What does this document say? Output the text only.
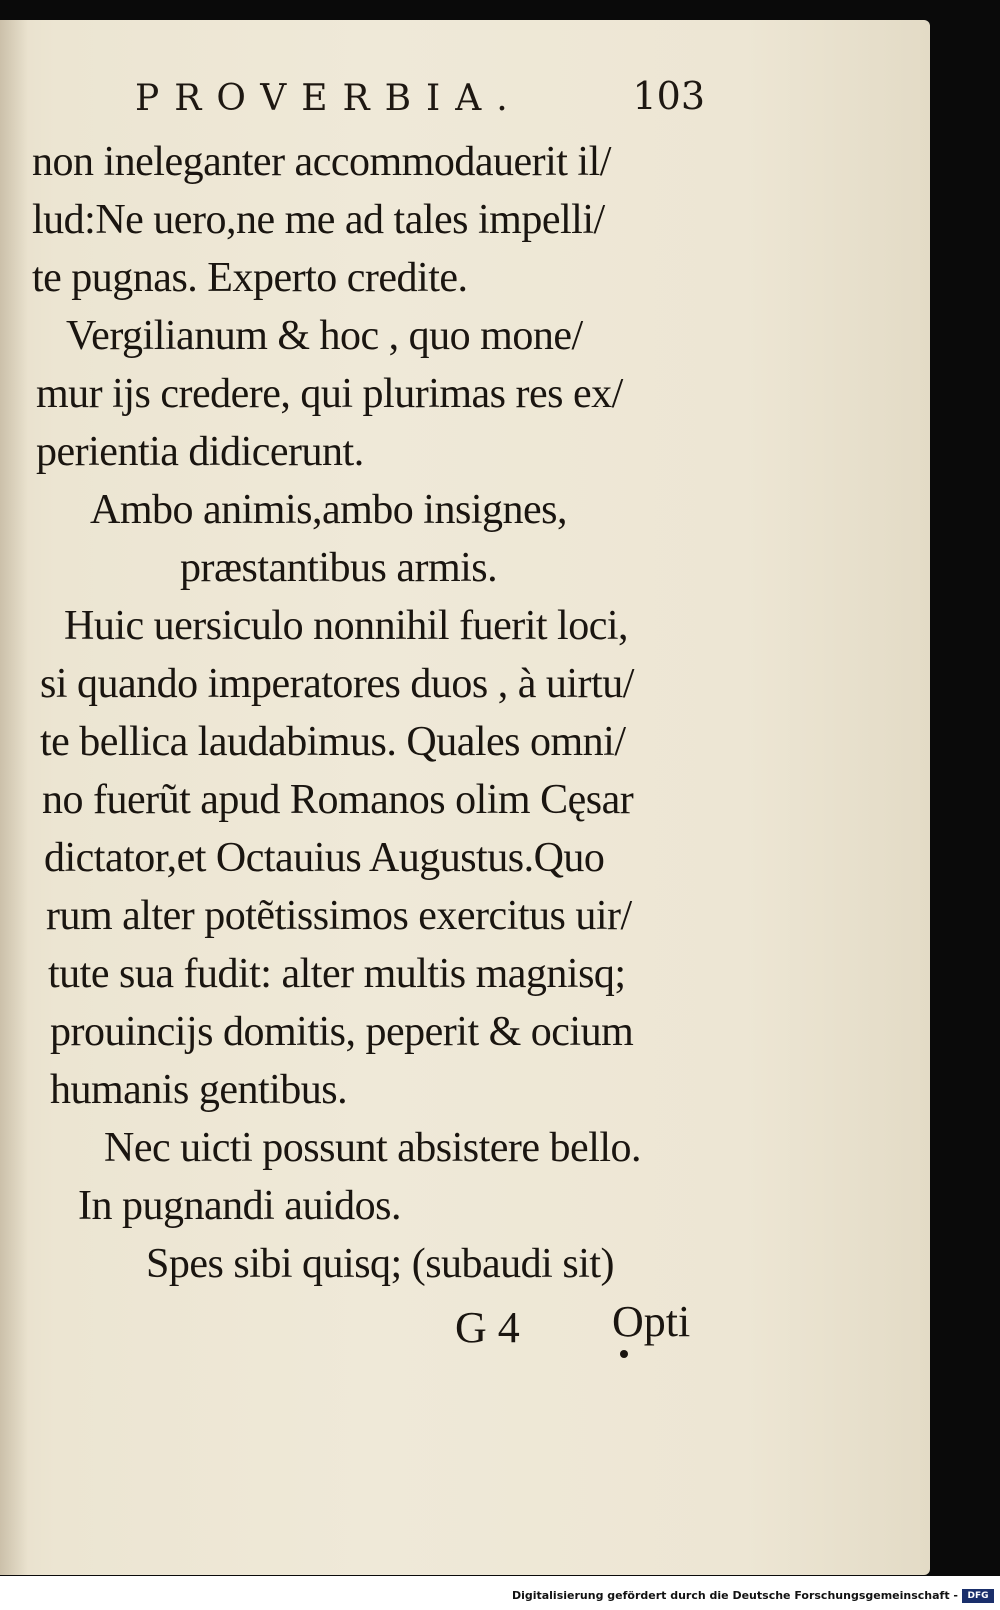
PROVERBIA.	103
non ineleganter accommodauerit il/
lud:Ne uero,ne me ad tales impelli/
te pugnas. Experto credite.
Vergilianum & hoc , quo mone/
mur ijs credere, qui plurimas res ex/
perientia didicerunt.
Ambo animis,ambo insignes,
præstantibus armis.
Huic uersiculo nonnihil fuerit loci,
si quando imperatores duos , à uirtu/
te bellica laudabimus. Quales omni/
no fuerũt apud Romanos olim Cęsar
dictator,et Octauius Augustus.Quo
rum alter potẽtissimos exercitus uir/
tute sua fudit: alter multis magnisq;
prouincijs domitis, peperit & ocium
humanis gentibus.
Nec uicti possunt absistere bello.
In pugnandi auidos.
Spes sibi quisq; (subaudi sit)
G 4 Opti
Digitalisierung gefördert durch die Deutsche Forschungsgemeinschaft -	DFG
